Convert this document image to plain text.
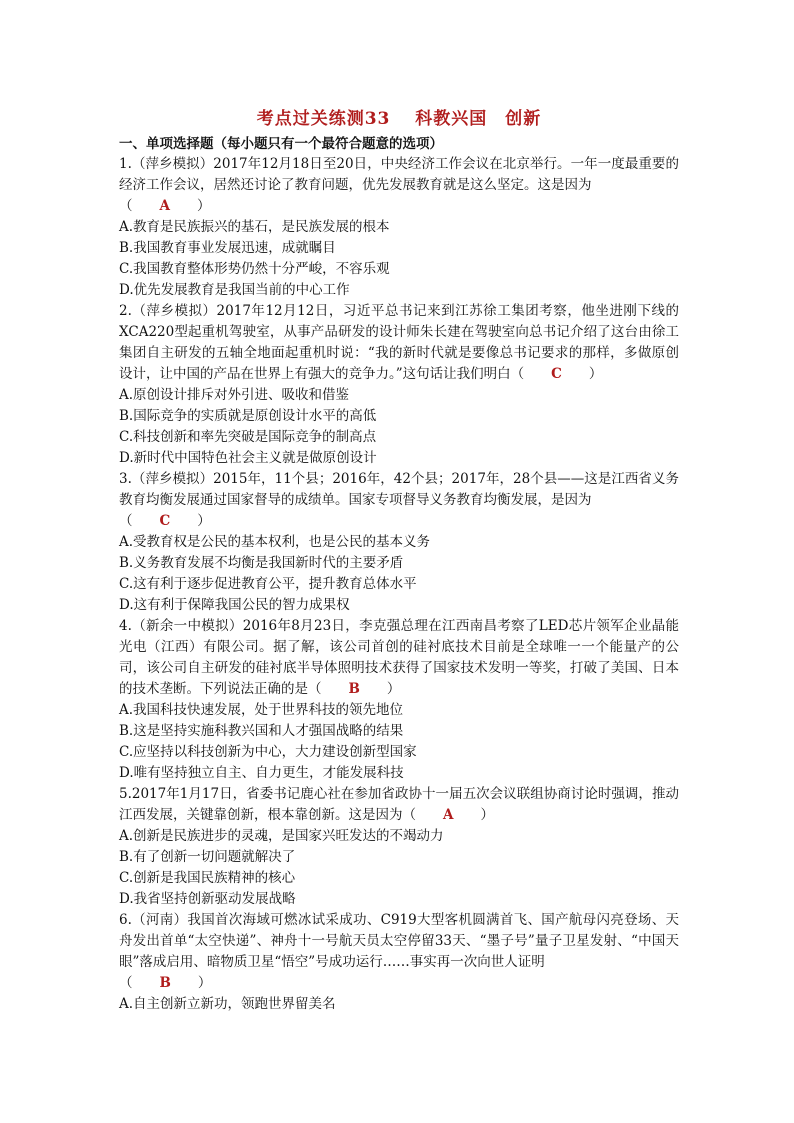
考点过关练测33　 科教兴国　创新
一、单项选择题（每小题只有一个最符合题意的选项）
1.（萍乡模拟）2017年12月18日至20日，中央经济工作会议在北京举行。一年一度最重要的经济工作会议，居然还讨论了教育问题，优先发展教育就是这么坚定。这是因为
（   A   ）
A.教育是民族振兴的基石，是民族发展的根本
B.我国教育事业发展迅速，成就瞩目
C.我国教育整体形势仍然十分严峻，不容乐观
D.优先发展教育是我国当前的中心工作
2.（萍乡模拟）2017年12月12日，习近平总书记来到江苏徐工集团考察，他坐进刚下线的XCA220型起重机驾驶室，从事产品研发的设计师朱长建在驾驶室向总书记介绍了这台由徐工集团自主研发的五轴全地面起重机时说：“我的新时代就是要像总书记要求的那样，多做原创设计，让中国的产品在世界上有强大的竞争力。”这句话让我们明白（   C   ）
A.原创设计排斥对外引进、吸收和借鉴
B.国际竞争的实质就是原创设计水平的高低
C.科技创新和率先突破是国际竞争的制高点
D.新时代中国特色社会主义就是做原创设计
3.（萍乡模拟）2015年，11个县；2016年，42个县；2017年，28个县——这是江西省义务教育均衡发展通过国家督导的成绩单。国家专项督导义务教育均衡发展，是因为
（   C   ）
A.受教育权是公民的基本权利，也是公民的基本义务
B.义务教育发展不均衡是我国新时代的主要矛盾
C.这有利于逐步促进教育公平，提升教育总体水平
D.这有利于保障我国公民的智力成果权
4.（新余一中模拟）2016年8月23日，李克强总理在江西南昌考察了LED芯片领军企业晶能光电（江西）有限公司。据了解，该公司首创的硅衬底技术目前是全球唯一一个能量产的公司，该公司自主研发的硅衬底半导体照明技术获得了国家技术发明一等奖，打破了美国、日本的技术垄断。下列说法正确的是（   B   ）
A.我国科技快速发展，处于世界科技的领先地位
B.这是坚持实施科教兴国和人才强国战略的结果
C.应坚持以科技创新为中心，大力建设创新型国家
D.唯有坚持独立自主、自力更生，才能发展科技
5.2017年1月17日，省委书记鹿心社在参加省政协十一届五次会议联组协商讨论时强调，推动江西发展，关键靠创新，根本靠创新。这是因为（   A   ）
A.创新是民族进步的灵魂，是国家兴旺发达的不竭动力
B.有了创新一切问题就解决了
C.创新是我国民族精神的核心
D.我省坚持创新驱动发展战略
6.（河南）我国首次海域可燃冰试采成功、C919大型客机圆满首飞、国产航母闪亮登场、天舟发出首单“太空快递”、神舟十一号航天员太空停留33天、“墨子号”量子卫星发射、“中国天眼”落成启用、暗物质卫星“悟空”号成功运行……事实再一次向世人证明
（   B   ）
A.自主创新立新功，领跑世界留美名
